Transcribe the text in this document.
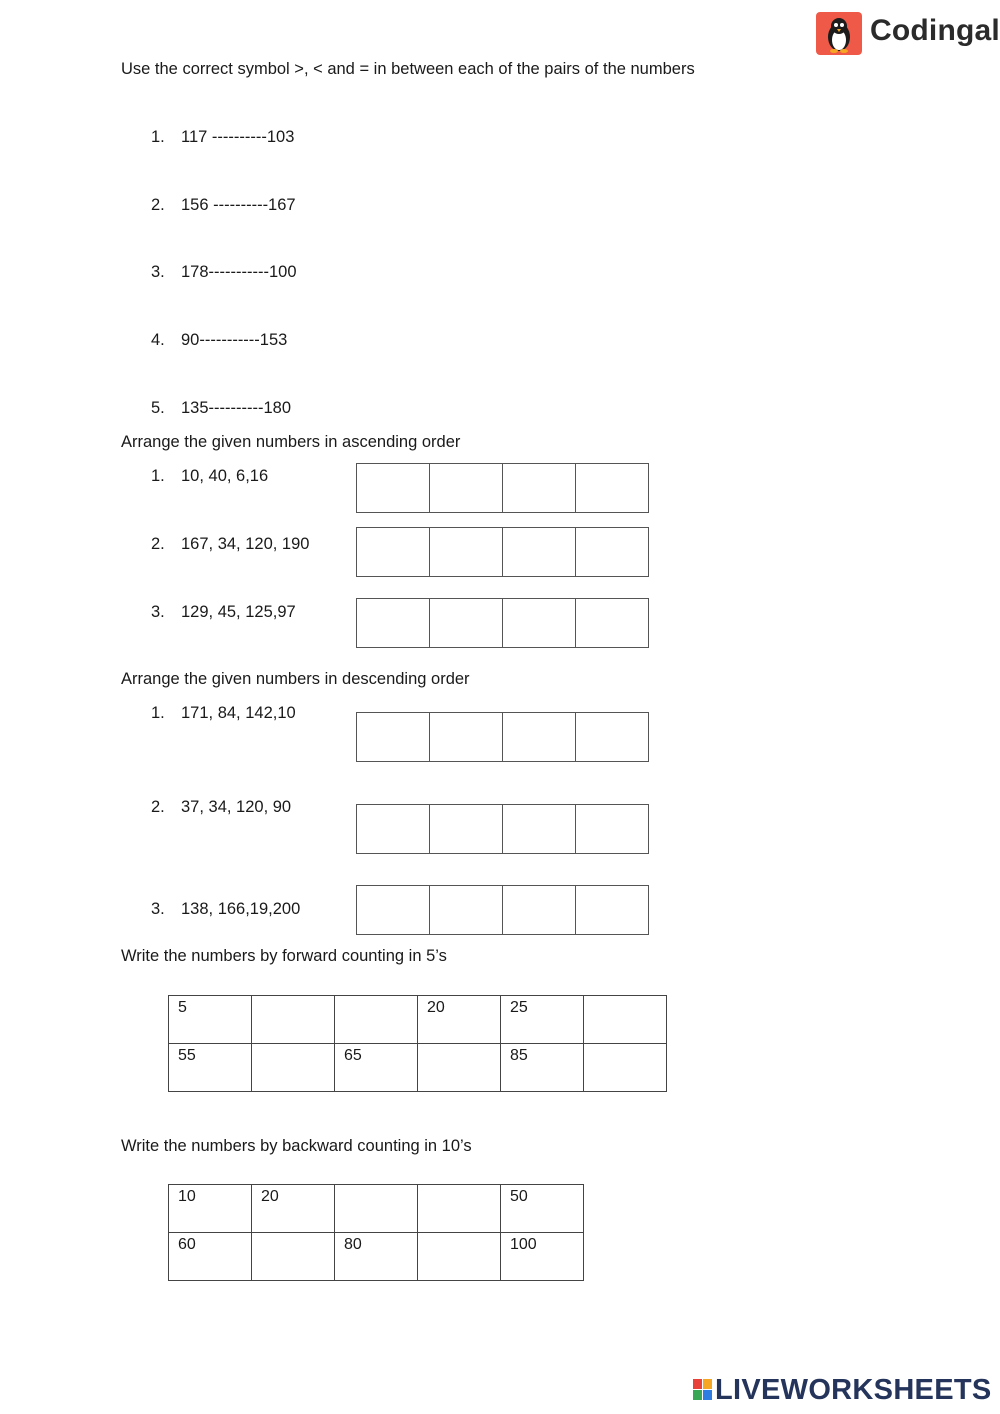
Codingal
Use the correct symbol >, < and = in between each of the pairs of the numbers
1. 117 ----------103
2. 156 ----------167
3. 178-----------100
4. 90-----------153
5. 135----------180
Arrange the given numbers in ascending order
1. 10, 40, 6,16

2. 167, 34, 120, 190

3. 129, 45, 125,97

Arrange the given numbers in descending order
1. 171, 84, 142,10

2. 37, 34, 120, 90

3. 138, 166,19,200

Write the numbers by forward counting in 5’s
5			20	25	

55		65		85	

Write the numbers by backward counting in 10’s
10	20			50

60		80		100
LIVEWORKSHEETS
